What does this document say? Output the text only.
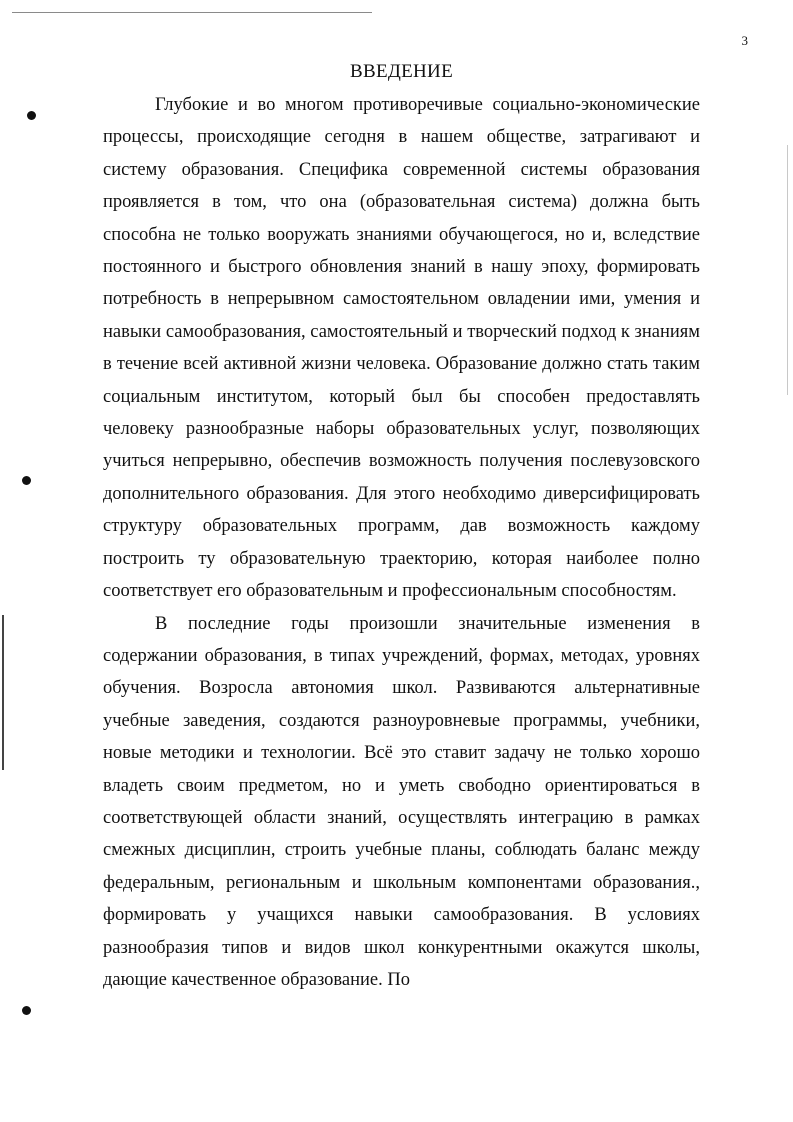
3
ВВЕДЕНИЕ

Глубокие и во многом противоречивые социально-экономические процессы, происходящие сегодня в нашем обществе, затрагивают и систему образования. Специфика современной системы образования проявляется в том, что она (образовательная система) должна быть способна не только вооружать знаниями обучающегося, но и, вследствие постоянного и быстрого обновления знаний в нашу эпоху, формировать потребность в непрерывном самостоятельном овладении ими, умения и навыки самообразования, самостоятельный и творческий подход к знаниям в течение всей активной жизни человека. Образование должно стать таким социальным институтом, который был бы способен предоставлять человеку разнообразные наборы образовательных услуг, позволяющих учиться непрерывно, обеспечив возможность получения послевузовского дополнительного образования. Для этого необходимо диверсифицировать структуру образовательных программ, дав возможность каждому построить ту образовательную траекторию, которая наиболее полно соответствует его образовательным и профессиональным способностям.

В последние годы произошли значительные изменения в содержании образования, в типах учреждений, формах, методах, уровнях обучения. Возросла автономия школ. Развиваются альтернативные учебные заведения, создаются разноуровневые программы, учебники, новые методики и технологии. Всё это ставит задачу не только хорошо владеть своим предметом, но и уметь свободно ориентироваться в соответствующей области знаний, осуществлять интеграцию в рамках смежных дисциплин, строить учебные планы, соблюдать баланс между федеральным, региональным и школьным компонентами образования., формировать у учащихся навыки самообразования. В условиях разнообразия типов и видов школ конкурентными окажутся школы, дающие качественное образование. По
